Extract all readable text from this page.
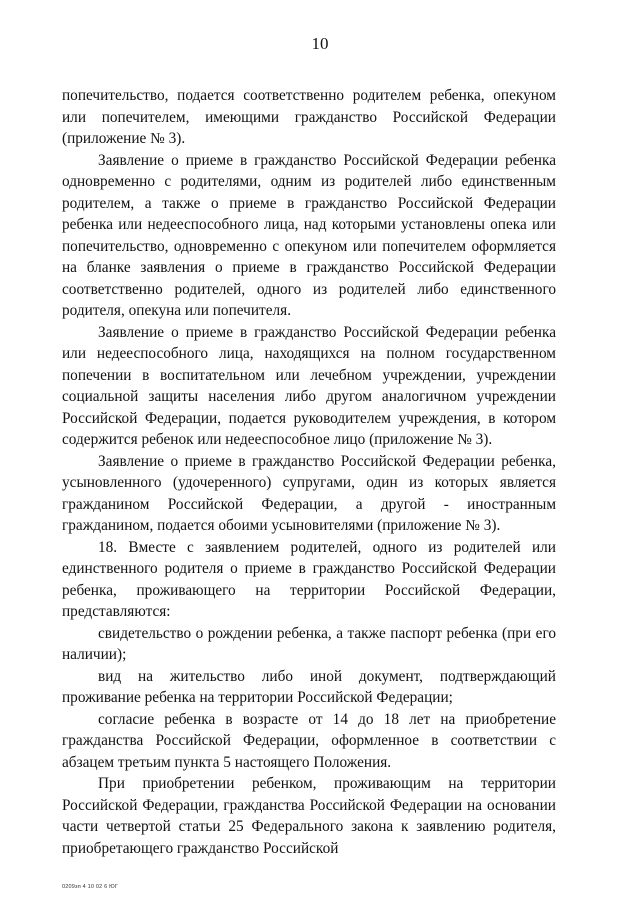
10

попечительство, подается соответственно родителем ребенка, опекуном или попечителем, имеющими гражданство Российской Федерации (приложение № 3).

Заявление о приеме в гражданство Российской Федерации ребенка одновременно с родителями, одним из родителей либо единственным родителем, а также о приеме в гражданство Российской Федерации ребенка или недееспособного лица, над которыми установлены опека или попечительство, одновременно с опекуном или попечителем оформляется на бланке заявления о приеме в гражданство Российской Федерации соответственно родителей, одного из родителей либо единственного родителя, опекуна или попечителя.

Заявление о приеме в гражданство Российской Федерации ребенка или недееспособного лица, находящихся на полном государственном попечении в воспитательном или лечебном учреждении, учреждении социальной защиты населения либо другом аналогичном учреждении Российской Федерации, подается руководителем учреждения, в котором содержится ребенок или недееспособное лицо (приложение № 3).

Заявление о приеме в гражданство Российской Федерации ребенка, усыновленного (удочеренного) супругами, один из которых является гражданином Российской Федерации, а другой - иностранным гражданином, подается обоими усыновителями (приложение № 3).

18. Вместе с заявлением родителей, одного из родителей или единственного родителя о приеме в гражданство Российской Федерации ребенка, проживающего на территории Российской Федерации, представляются:

свидетельство о рождении ребенка, а также паспорт ребенка (при его наличии);

вид на жительство либо иной документ, подтверждающий проживание ребенка на территории Российской Федерации;

согласие ребенка в возрасте от 14 до 18 лет на приобретение гражданства Российской Федерации, оформленное в соответствии с абзацем третьим пункта 5 настоящего Положения.

При приобретении ребенком, проживающим на территории Российской Федерации, гражданства Российской Федерации на основании части четвертой статьи 25 Федерального закона к заявлению родителя, приобретающего гражданство Российской

0209зп 4 10 02 6 ЮГ
